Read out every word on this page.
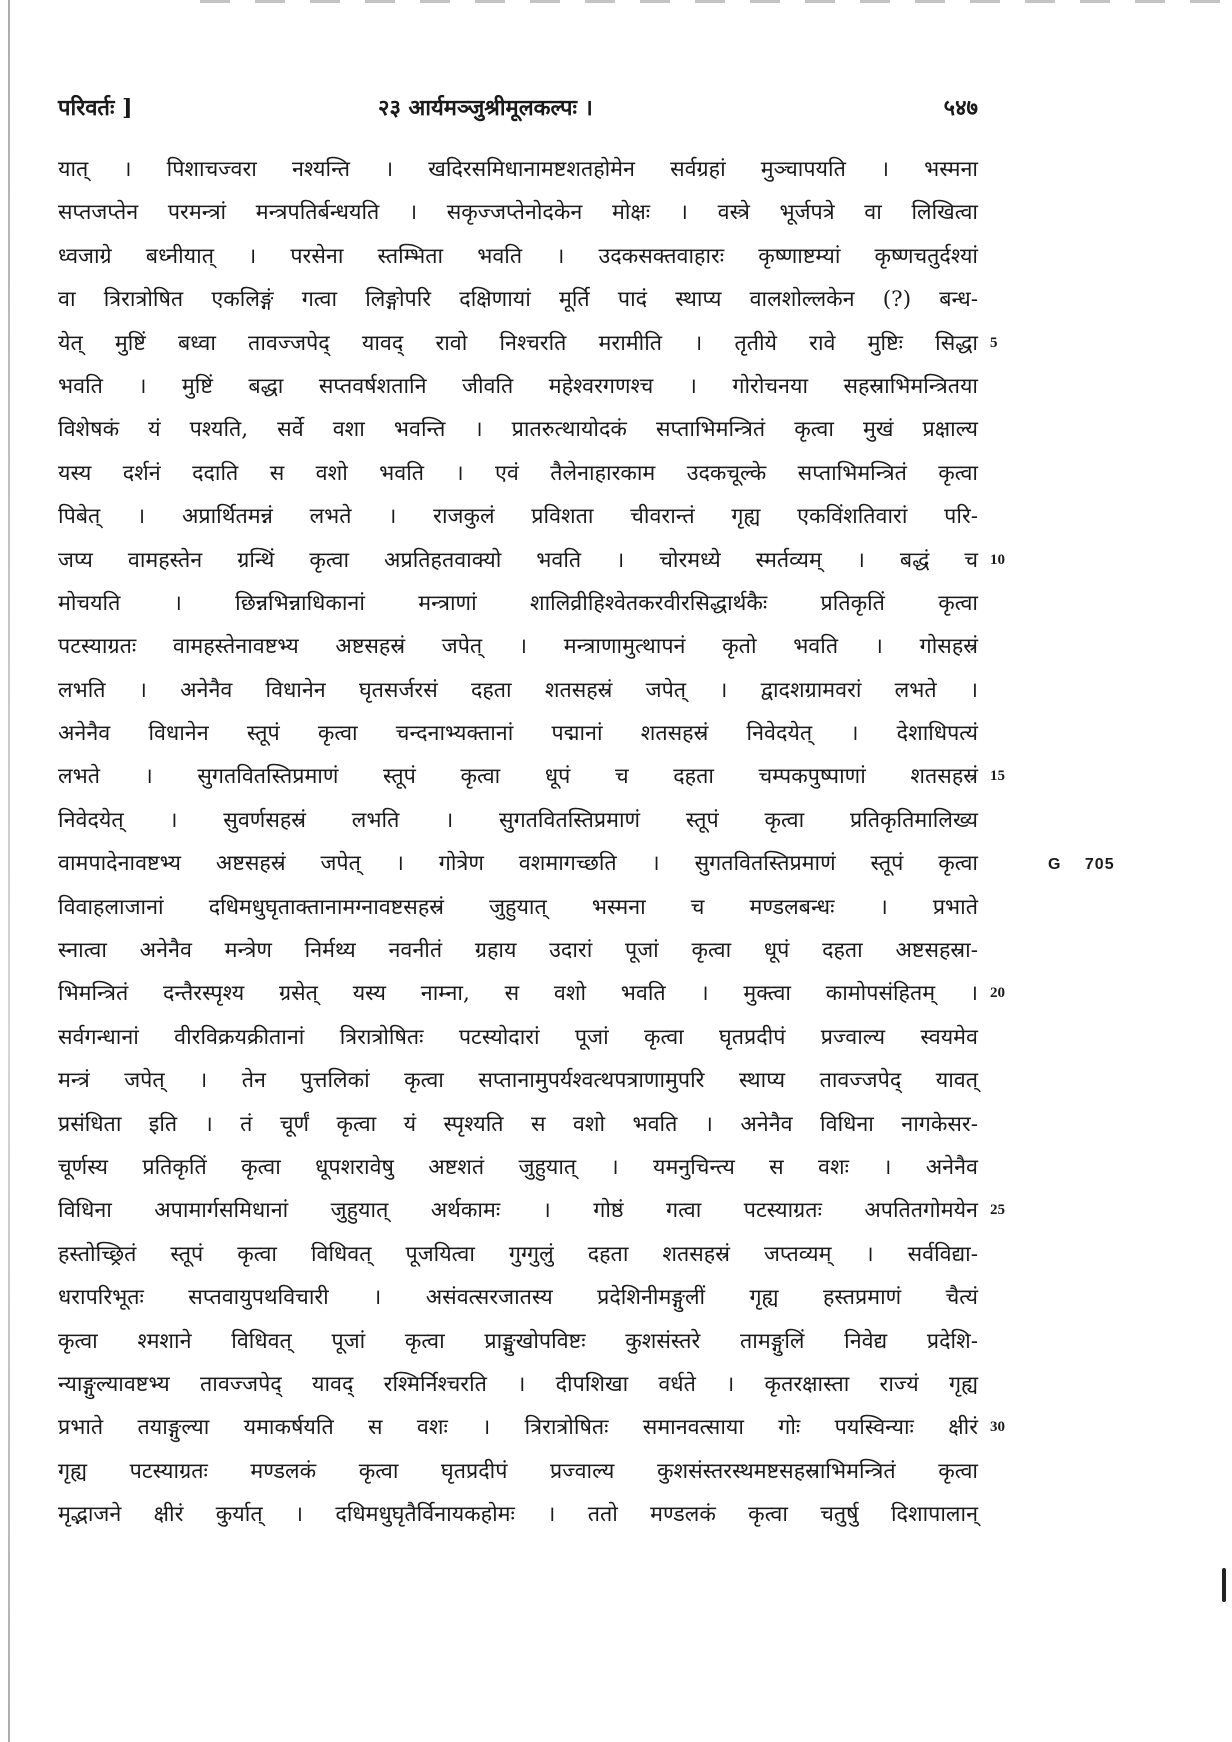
परिवर्तः ]	२३ आर्यमञ्जुश्रीमूलकल्पः ।	५४७
यात् । पिशाचज्वरा नश्यन्ति । खदिरसमिधानामष्टशतहोमेन सर्वग्रहां मुञ्चापयति । भस्मना
सप्तजप्तेन परमन्त्रां मन्त्रपतिर्बन्धयति । सकृज्जप्तेनोदकेन मोक्षः । वस्त्रे भूर्जपत्रे वा लिखित्वा
ध्वजाग्रे बध्नीयात् । परसेना स्तम्भिता भवति । उदकसक्तवाहारः कृष्णाष्टम्यां कृष्णचतुर्दश्यां
वा त्रिरात्रोषित एकलिङ्गं गत्वा लिङ्गोपरि दक्षिणायां मूर्ति पादं स्थाप्य वालशोल्लकेन (?) बन्ध-
येत् मुष्टिं बध्वा तावज्जपेद् यावद् रावो निश्चरति मरामीति । तृतीये रावे मुष्टिः सिद्धा 5
भवति । मुष्टिं बद्धा सप्तवर्षशतानि जीवति महेश्वरगणश्च । गोरोचनया सहस्राभिमन्त्रितया
विशेषकं यं पश्यति, सर्वे वशा भवन्ति । प्रातरुत्थायोदकं सप्ताभिमन्त्रितं कृत्वा मुखं प्रक्षाल्य
यस्य दर्शनं ददाति स वशो भवति । एवं तैलेनाहारकाम उदकचूल्के सप्ताभिमन्त्रितं कृत्वा
पिबेत् । अप्रार्थितमन्नं लभते । राजकुलं प्रविशता चीवरान्तं गृह्य एकविंशतिवारां परि-
जप्य वामहस्तेन ग्रन्थिं कृत्वा अप्रतिहतवाक्यो भवति । चोरमध्ये स्मर्तव्यम् । बद्धं च 10
मोचयति । छिन्नभिन्नाधिकानां मन्त्राणां शालिव्रीहिश्वेतकरवीरसिद्धार्थकैः प्रतिकृतिं कृत्वा
पटस्याग्रतः वामहस्तेनावष्टभ्य अष्टसहस्रं जपेत् । मन्त्राणामुत्थापनं कृतो भवति । गोसहस्रं
लभति । अनेनैव विधानेन घृतसर्जरसं दहता शतसहस्रं जपेत् । द्वादशग्रामवरां लभते ।
अनेनैव विधानेन स्तूपं कृत्वा चन्दनाभ्यक्तानां पद्मानां शतसहस्रं निवेदयेत् । देशाधिपत्यं
लभते । सुगतवितस्तिप्रमाणं स्तूपं कृत्वा धूपं च दहता चम्पकपुष्पाणां शतसहस्रं 15
निवेदयेत् । सुवर्णसहस्रं लभति । सुगतवितस्तिप्रमाणं स्तूपं कृत्वा प्रतिकृतिमालिख्य
वामपादेनावष्टभ्य अष्टसहस्रं जपेत् । गोत्रेण वशमागच्छति । सुगतवितस्तिप्रमाणं स्तूपं कृत्वा
विवाहलाजानां दधिमधुघृताक्तानामग्नावष्टसहस्रं जुहुयात् भस्मना च मण्डलबन्धः । प्रभाते
स्नात्वा अनेनैव मन्त्रेण निर्मथ्य नवनीतं ग्रहाय उदारां पूजां कृत्वा धूपं दहता अष्टसहस्रा-
भिमन्त्रितं दन्तैरस्पृश्य ग्रसेत् यस्य नाम्ना, स वशो भवति । मुक्त्वा कामोपसंहितम् । 20
सर्वगन्धानां वीरविक्रयक्रीतानां त्रिरात्रोषितः पटस्योदारां पूजां कृत्वा घृतप्रदीपं प्रज्वाल्य स्वयमेव
मन्त्रं जपेत् । तेन पुत्तलिकां कृत्वा सप्तानामुपर्यश्वत्थपत्राणामुपरि स्थाप्य तावज्जपेद् यावत्
प्रसंधिता इति । तं चूर्णं कृत्वा यं स्पृश्यति स वशो भवति । अनेनैव विधिना नागकेसर-
चूर्णस्य प्रतिकृतिं कृत्वा धूपशरावेषु अष्टशतं जुहुयात् । यमनुचिन्त्य स वशः । अनेनैव
विधिना अपामार्गसमिधानां जुहुयात् अर्थकामः । गोष्ठं गत्वा पटस्याग्रतः अपतितगोमयेन 25
हस्तोच्छ्रितं स्तूपं कृत्वा विधिवत् पूजयित्वा गुग्गुलुं दहता शतसहस्रं जप्तव्यम् । सर्वविद्या-
धरापरिभूतः सप्तवायुपथविचारी । असंवत्सरजातस्य प्रदेशिनीमङ्गुलीं गृह्य हस्तप्रमाणं चैत्यं
कृत्वा श्मशाने विधिवत् पूजां कृत्वा प्राङ्मुखोपविष्टः कुशसंस्तरे तामङ्गुलिं निवेद्य प्रदेशि-
न्याङ्गुल्यावष्टभ्य तावज्जपेद् यावद् रश्मिर्निश्चरति । दीपशिखा वर्धते । कृतरक्षास्ता राज्यं गृह्य
प्रभाते तयाङ्गुल्या यमाकर्षयति स वशः । त्रिरात्रोषितः समानवत्साया गोः पयस्विन्याः क्षीरं 30
गृह्य पटस्याग्रतः मण्डलकं कृत्वा घृतप्रदीपं प्रज्वाल्य कुशसंस्तरस्थमष्टसहस्राभिमन्त्रितं कृत्वा
मृद्भाजने क्षीरं कुर्यात् । दधिमधुघृतैर्विनायकहोमः । ततो मण्डलकं कृत्वा चतुर्षु दिशापालान्
G 705
